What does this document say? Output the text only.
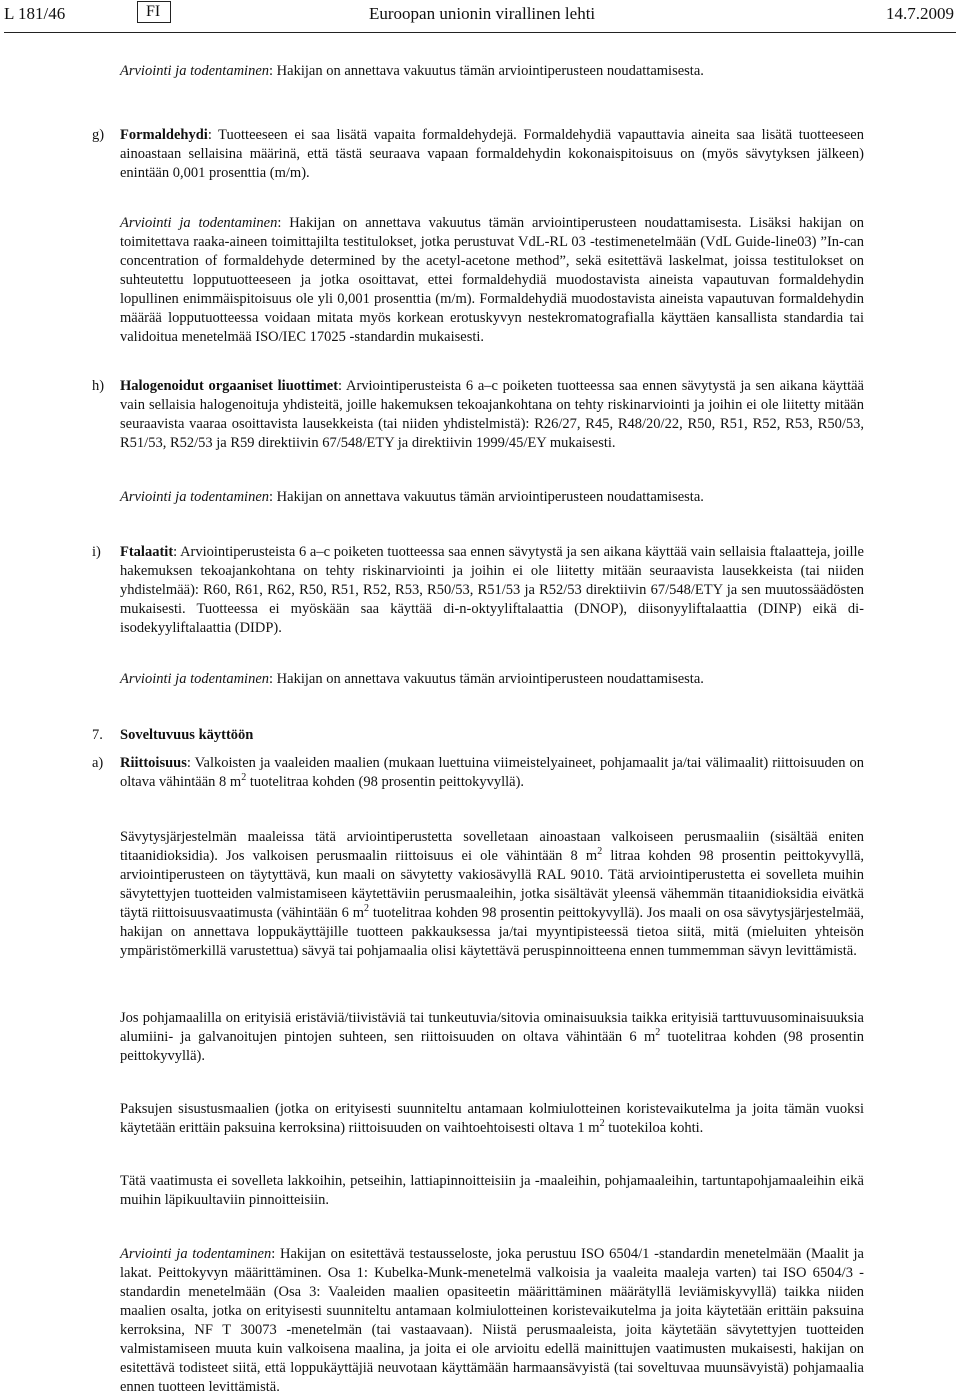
L 181/46	FI	Euroopan unionin virallinen lehti	14.7.2009

Arviointi ja todentaminen: Hakijan on annettava vakuutus tämän arviointiperusteen noudattamisesta.

g) Formaldehydi: Tuotteeseen ei saa lisätä vapaita formaldehydejä. Formaldehydiä vapauttavia aineita saa lisätä tuotteeseen ainoastaan sellaisina määrinä, että tästä seuraava vapaan formaldehydin kokonaispitoisuus on (myös sävytyksen jälkeen) enintään 0,001 prosenttia (m/m).

Arviointi ja todentaminen: Hakijan on annettava vakuutus tämän arviointiperusteen noudattamisesta. Lisäksi hakijan on toimitettava raaka-aineen toimittajilta testitulokset, jotka perustuvat VdL-RL 03 -testimenetelmään (VdL Guide-line03) ”In-can concentration of formaldehyde determined by the acetyl-acetone method”, sekä esitettävä laskelmat, joissa testitulokset on suhteutettu lopputuotteeseen ja jotka osoittavat, ettei formaldehydiä muodostavista aineista vapautuvan formaldehydin lopullinen enimmäispitoisuus ole yli 0,001 prosenttia (m/m). Formaldehydiä muodostavista aineista vapautuvan formaldehydin määrää lopputuotteessa voidaan mitata myös korkean erotuskyvyn nestekromatografialla käyttäen kansallista standardia tai validoitua menetelmää ISO/IEC 17025 -standardin mukaisesti.

h) Halogenoidut orgaaniset liuottimet: Arviointiperusteista 6 a–c poiketen tuotteessa saa ennen sävytystä ja sen aikana käyttää vain sellaisia halogenoituja yhdisteitä, joille hakemuksen tekoajankohtana on tehty riskinarviointi ja joihin ei ole liitetty mitään seuraavista vaaraa osoittavista lausekkeista (tai niiden yhdistelmistä): R26/27, R45, R48/20/22, R50, R51, R52, R53, R50/53, R51/53, R52/53 ja R59 direktiivin 67/548/ETY ja direktiivin 1999/45/EY mukaisesti.

Arviointi ja todentaminen: Hakijan on annettava vakuutus tämän arviointiperusteen noudattamisesta.

i) Ftalaatit: Arviointiperusteista 6 a–c poiketen tuotteessa saa ennen sävytystä ja sen aikana käyttää vain sellaisia ftalaatteja, joille hakemuksen tekoajankohtana on tehty riskinarviointi ja joihin ei ole liitetty mitään seuraavista lausekkeista (tai niiden yhdistelmää): R60, R61, R62, R50, R51, R52, R53, R50/53, R51/53 ja R52/53 direktiivin 67/548/ETY ja sen muutossäädösten mukaisesti. Tuotteessa ei myöskään saa käyttää di-n-oktyyliftalaattia (DNOP), diisonyyliftalaattia (DINP) eikä di-isodekyyliftalaattia (DIDP).

Arviointi ja todentaminen: Hakijan on annettava vakuutus tämän arviointiperusteen noudattamisesta.

7. Soveltuvuus käyttöön

a) Riittoisuus: Valkoisten ja vaaleiden maalien (mukaan luettuina viimeistelyaineet, pohjamaalit ja/tai välimaalit) riittoisuuden on oltava vähintään 8 $m^2$ tuotelitraa kohden (98 prosentin peittokyvyllä).

Sävytysjärjestelmän maaleissa tätä arviointiperustetta sovelletaan ainoastaan valkoiseen perusmaaliin (sisältää eniten titaanidioksidia). Jos valkoisen perusmaalin riittoisuus ei ole vähintään 8 $m^2$ litraa kohden 98 prosentin peittokyvyllä, arviointiperusteen on täytyttävä, kun maali on sävytetty vakiosävyllä RAL 9010. Tätä arviointiperustetta ei sovelleta muihin sävytettyjen tuotteiden valmistamiseen käytettäviin perusmaaleihin, jotka sisältävät yleensä vähemmän titaanidioksidia eivätkä täytä riittoisuusvaatimusta (vähintään 6 $m^2$ tuotelitraa kohden 98 prosentin peittokyvyllä). Jos maali on osa sävytysjärjestelmää, hakijan on annettava loppukäyttäjille tuotteen pakkauksessa ja/tai myyntipisteessä tietoa siitä, mitä (mieluiten yhteisön ympäristömerkillä varustettua) sävyä tai pohjamaalia olisi käytettävä peruspinnoitteena ennen tummemman sävyn levittämistä.

Jos pohjamaalilla on erityisiä eristäviä/tiivistäviä tai tunkeutuvia/sitovia ominaisuuksia taikka erityisiä tarttuvuusominaisuuksia alumiini- ja galvanoitujen pintojen suhteen, sen riittoisuuden on oltava vähintään 6 $m^2$ tuotelitraa kohden (98 prosentin peittokyvyllä).

Paksujen sisustusmaalien (jotka on erityisesti suunniteltu antamaan kolmiulotteinen koristevaikutelma ja joita tämän vuoksi käytetään erittäin paksuina kerroksina) riittoisuuden on vaihtoehtoisesti oltava 1 $m^2$ tuotekiloa kohti.

Tätä vaatimusta ei sovelleta lakkoihin, petseihin, lattiapinnoitteisiin ja -maaleihin, pohjamaaleihin, tartuntapohjamaaleihin eikä muihin läpikuultaviin pinnoitteisiin.

Arviointi ja todentaminen: Hakijan on esitettävä testausseloste, joka perustuu ISO 6504/1 -standardin menetelmään (Maalit ja lakat. Peittokyvyn määrittäminen. Osa 1: Kubelka-Munk-menetelmä valkoisia ja vaaleita maaleja varten) tai ISO 6504/3 -standardin menetelmään (Osa 3: Vaaleiden maalien opasiteetin määrittäminen määrätyllä leviämiskyvyllä) taikka niiden maalien osalta, jotka on erityisesti suunniteltu antamaan kolmiulotteinen koristevaikutelma ja joita käytetään erittäin paksuina kerroksina, NF T 30073 -menetelmän (tai vastaavaan). Niistä perusmaaleista, joita käytetään sävytettyjen tuotteiden valmistamiseen muuta kuin valkoisena maalina, ja joita ei ole arvioitu edellä mainittujen vaatimusten mukaisesti, hakijan on esitettävä todisteet siitä, että loppukäyttäjiä neuvotaan käyttämään harmaansävyistä (tai soveltuvaa muunsävyistä) pohjamaalia ennen tuotteen levittämistä.
